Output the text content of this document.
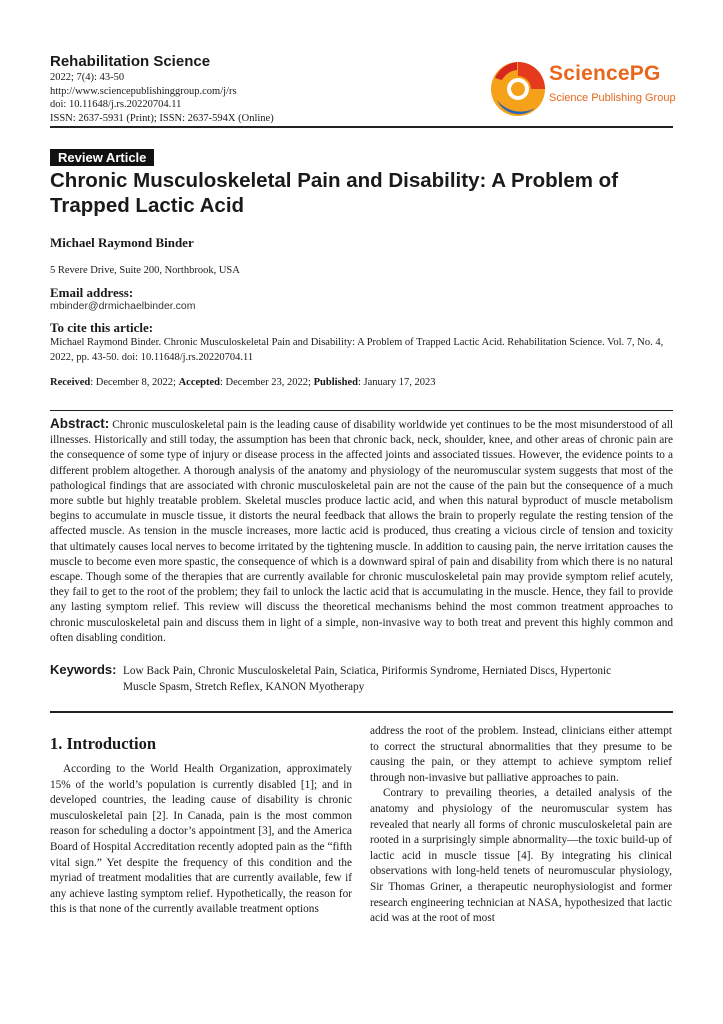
Rehabilitation Science
2022; 7(4): 43-50
http://www.sciencepublishinggroup.com/j/rs
doi: 10.11648/j.rs.20220704.11
ISSN: 2637-5931 (Print); ISSN: 2637-594X (Online)
SciencePG
Science Publishing Group
Review Article
Chronic Musculoskeletal Pain and Disability: A Problem of Trapped Lactic Acid
Michael Raymond Binder
5 Revere Drive, Suite 200, Northbrook, USA
Email address:
mbinder@drmichaelbinder.com
To cite this article:
Michael Raymond Binder. Chronic Musculoskeletal Pain and Disability: A Problem of Trapped Lactic Acid. Rehabilitation Science. Vol. 7, No. 4, 2022, pp. 43-50. doi: 10.11648/j.rs.20220704.11
Received: December 8, 2022; Accepted: December 23, 2022; Published: January 17, 2023
Abstract: Chronic musculoskeletal pain is the leading cause of disability worldwide yet continues to be the most misunderstood of all illnesses. Historically and still today, the assumption has been that chronic back, neck, shoulder, knee, and other areas of chronic pain are the consequence of some type of injury or disease process in the affected joints and associated tissues. However, the evidence points to a different problem altogether. A thorough analysis of the anatomy and physiology of the neuromuscular system suggests that most of the pathological findings that are associated with chronic musculoskeletal pain are not the cause of the pain but the consequence of a much more subtle but highly treatable problem. Skeletal muscles produce lactic acid, and when this natural byproduct of muscle metabolism begins to accumulate in muscle tissue, it distorts the neural feedback that allows the brain to properly regulate the resting tension of the affected muscle. As tension in the muscle increases, more lactic acid is produced, thus creating a vicious circle of tension and toxicity that ultimately causes local nerves to become irritated by the tightening muscle. In addition to causing pain, the nerve irritation causes the muscle to become even more spastic, the consequence of which is a downward spiral of pain and disability from which there is no natural escape. Though some of the therapies that are currently available for chronic musculoskeletal pain may provide symptom relief acutely, they fail to get to the root of the problem; they fail to unlock the lactic acid that is accumulating in the muscle. Hence, they fail to provide any lasting symptom relief. This review will discuss the theoretical mechanisms behind the most common treatment approaches to chronic musculoskeletal pain and discuss them in light of a simple, non-invasive way to both treat and prevent this highly common and often disabling condition.
Keywords: Low Back Pain, Chronic Musculoskeletal Pain, Sciatica, Piriformis Syndrome, Herniated Discs, Hypertonic Muscle Spasm, Stretch Reflex, KANON Myotherapy
1. Introduction

According to the World Health Organization, approximately 15% of the world’s population is currently disabled [1]; and in developed countries, the leading cause of disability is chronic musculoskeletal pain [2]. In Canada, pain is the most common reason for scheduling a doctor’s appointment [3], and the America Board of Hospital Accreditation recently adopted pain as the “fifth vital sign.” Yet despite the frequency of this condition and the myriad of treatment modalities that are currently available, few if any achieve lasting symptom relief. Hypothetically, the reason for this is that none of the currently available treatment options

address the root of the problem. Instead, clinicians either attempt to correct the structural abnormalities that they presume to be causing the pain, or they attempt to achieve symptom relief through non-invasive but palliative approaches to pain.

Contrary to prevailing theories, a detailed analysis of the anatomy and physiology of the neuromuscular system has revealed that nearly all forms of chronic musculoskeletal pain are rooted in a surprisingly simple abnormality—the toxic build-up of lactic acid in muscle tissue [4]. By integrating his clinical observations with long-held tenets of neuromuscular physiology, Sir Thomas Griner, a therapeutic neurophysiologist and former research engineering technician at NASA, hypothesized that lactic acid was at the root of most
